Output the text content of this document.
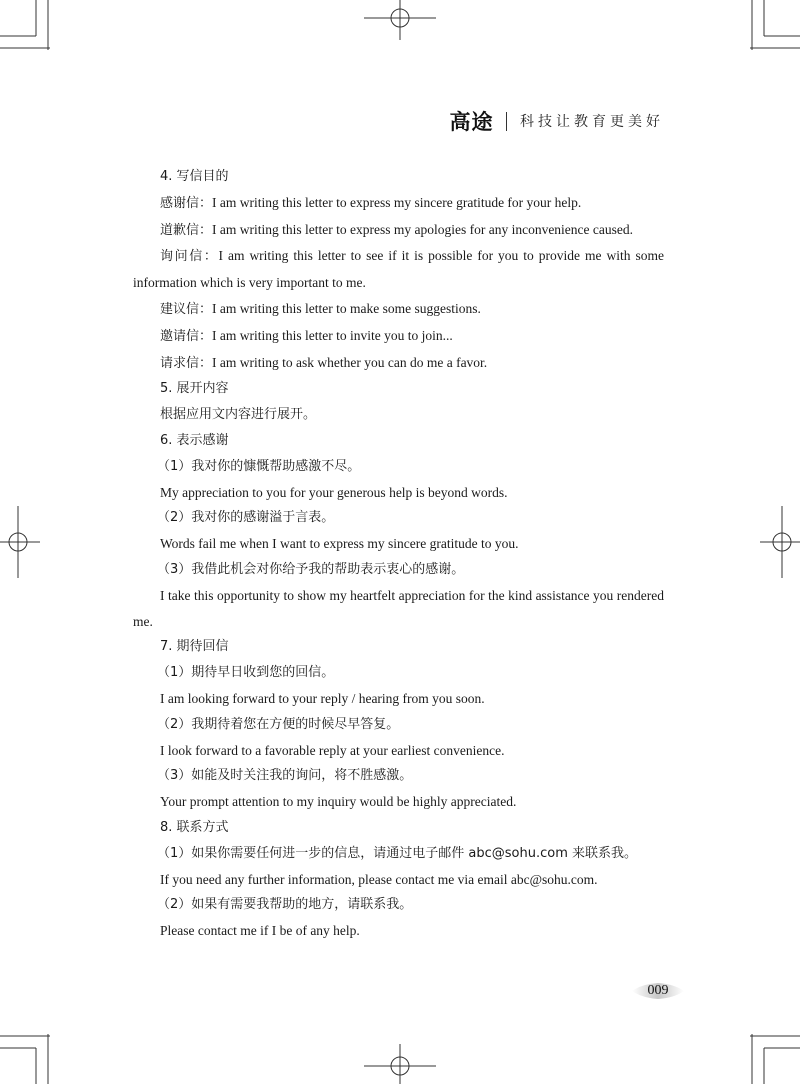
高途 科技让教育更美好
4. 写信目的
感谢信：I am writing this letter to express my sincere gratitude for your help.
道歉信：I am writing this letter to express my apologies for any inconvenience caused.
询问信：I am writing this letter to see if it is possible for you to provide me with some information which is very important to me.
建议信：I am writing this letter to make some suggestions.
邀请信：I am writing this letter to invite you to join...
请求信：I am writing to ask whether you can do me a favor.
5. 展开内容
根据应用文内容进行展开。
6. 表示感谢
（1）我对你的慷慨帮助感激不尽。
My appreciation to you for your generous help is beyond words.
（2）我对你的感谢溢于言表。
Words fail me when I want to express my sincere gratitude to you.
（3）我借此机会对你给予我的帮助表示衷心的感谢。
I take this opportunity to show my heartfelt appreciation for the kind assistance you rendered me.
7. 期待回信
（1）期待早日收到您的回信。
I am looking forward to your reply / hearing from you soon.
（2）我期待着您在方便的时候尽早答复。
I look forward to a favorable reply at your earliest convenience.
（3）如能及时关注我的询问，将不胜感激。
Your prompt attention to my inquiry would be highly appreciated.
8. 联系方式
（1）如果你需要任何进一步的信息，请通过电子邮件 abc@sohu.com 来联系我。
If you need any further information, please contact me via email abc@sohu.com.
（2）如果有需要我帮助的地方，请联系我。
Please contact me if I be of any help.
009
